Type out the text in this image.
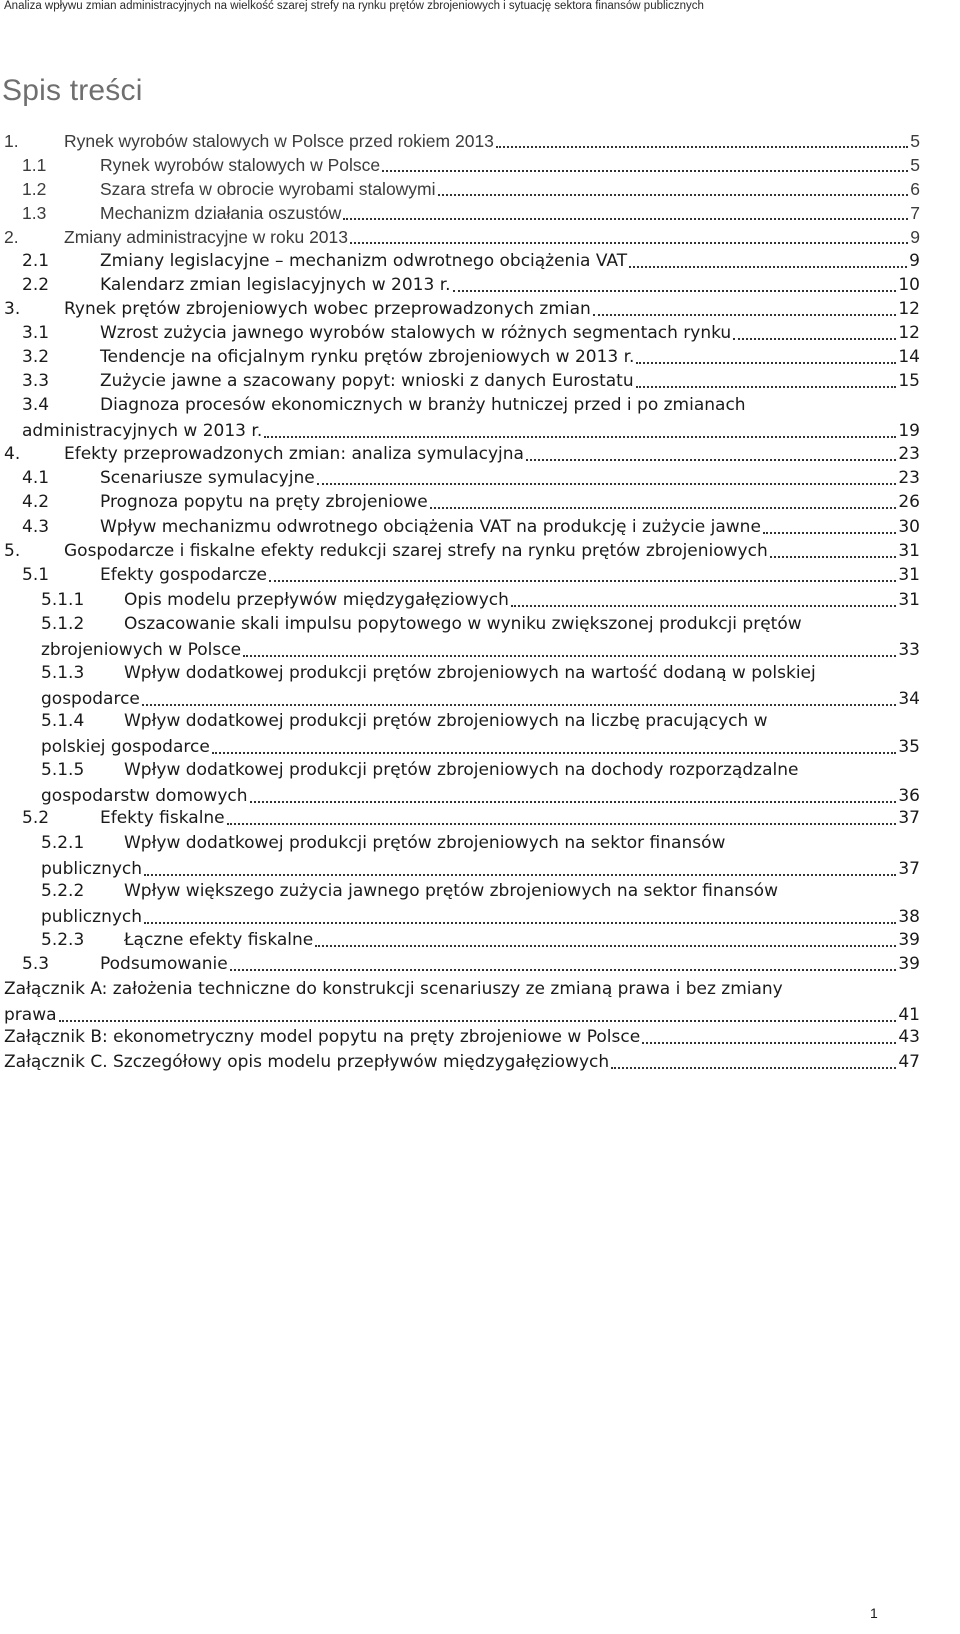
Analiza wpływu zmian administracyjnych na wielkość szarej strefy na rynku prętów zbrojeniowych i sytuację sektora finansów publicznych
Spis treści
1.	Rynek wyrobów stalowych w Polsce przed rokiem 2013	5
1.1	Rynek wyrobów stalowych w Polsce	5
1.2	Szara strefa w obrocie wyrobami stalowymi	6
1.3	Mechanizm działania oszustów	7
2.	Zmiany administracyjne w roku 2013	9
2.1	Zmiany legislacyjne – mechanizm odwrotnego obciążenia VAT	9
2.2	Kalendarz zmian legislacyjnych w 2013 r.	10
3.	Rynek prętów zbrojeniowych wobec przeprowadzonych zmian	12
3.1	Wzrost zużycia jawnego wyrobów stalowych w różnych segmentach rynku	12
3.2	Tendencje na oficjalnym rynku prętów zbrojeniowych w 2013 r.	14
3.3	Zużycie jawne a szacowany popyt: wnioski z danych Eurostatu	15
3.4	Diagnoza procesów ekonomicznych w branży hutniczej przed i po zmianach
administracyjnych w 2013 r.	19
4.	Efekty przeprowadzonych zmian: analiza symulacyjna	23
4.1	Scenariusze symulacyjne	23
4.2	Prognoza popytu na pręty zbrojeniowe	26
4.3	Wpływ mechanizmu odwrotnego obciążenia VAT na produkcję i zużycie jawne	30
5.	Gospodarcze i fiskalne efekty redukcji szarej strefy na rynku prętów zbrojeniowych	31
5.1	Efekty gospodarcze	31
5.1.1 Opis modelu przepływów międzygałęziowych	31
5.1.2 Oszacowanie skali impulsu popytowego w wyniku zwiększonej produkcji prętów
zbrojeniowych w Polsce	33
5.1.3 Wpływ dodatkowej produkcji prętów zbrojeniowych na wartość dodaną w polskiej
gospodarce	34
5.1.4 Wpływ dodatkowej produkcji prętów zbrojeniowych na liczbę pracujących w
polskiej gospodarce	35
5.1.5 Wpływ dodatkowej produkcji prętów zbrojeniowych na dochody rozporządzalne
gospodarstw domowych	36
5.2	Efekty fiskalne	37
5.2.1 Wpływ dodatkowej produkcji prętów zbrojeniowych na sektor finansów
publicznych	37
5.2.2 Wpływ większego zużycia jawnego prętów zbrojeniowych na sektor finansów
publicznych	38
5.2.3 Łączne efekty fiskalne	39
5.3	Podsumowanie	39
Załącznik A: założenia techniczne do konstrukcji scenariuszy ze zmianą prawa i bez zmiany
prawa	41
Załącznik B: ekonometryczny model popytu na pręty zbrojeniowe w Polsce	43
Załącznik C. Szczegółowy opis modelu przepływów międzygałęziowych	47
1
